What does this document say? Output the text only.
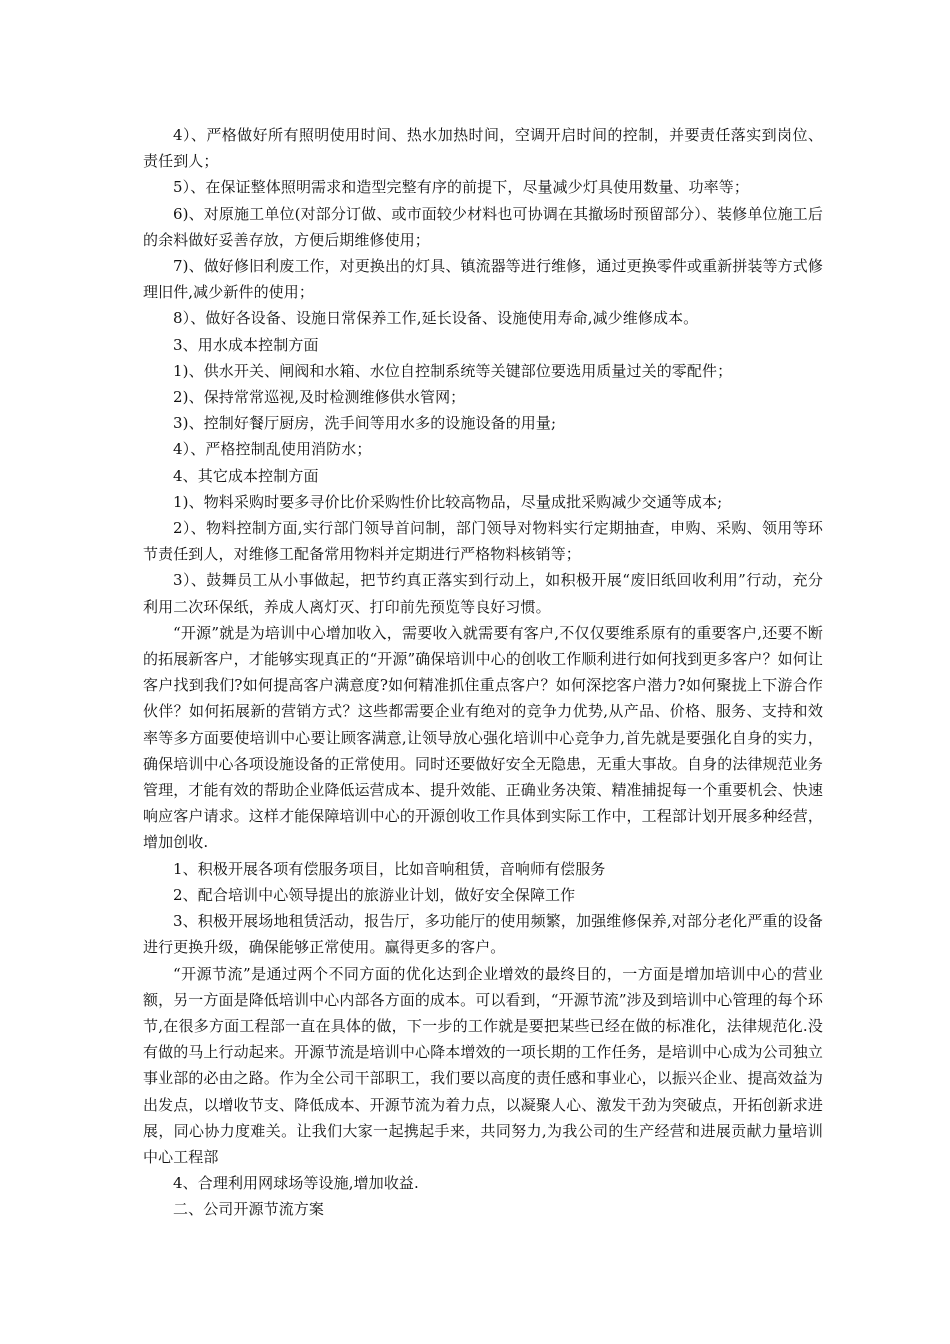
4）、严格做好所有照明使用时间、热水加热时间，空调开启时间的控制，并要责任落实到岗位、责任到人；

5）、在保证整体照明需求和造型完整有序的前提下，尽量减少灯具使用数量、功率等；

6)、对原施工单位(对部分订做、或市面较少材料也可协调在其撤场时预留部分）、装修单位施工后的余料做好妥善存放，方便后期维修使用；

7)、做好修旧利废工作，对更换出的灯具、镇流器等进行维修，通过更换零件或重新拼装等方式修理旧件,减少新件的使用；

8）、做好各设备、设施日常保养工作,延长设备、设施使用寿命,减少维修成本。

3、用水成本控制方面

1)、供水开关、闸阀和水箱、水位自控制系统等关键部位要选用质量过关的零配件；

2)、保持常常巡视,及时检测维修供水管网；

3)、控制好餐厅厨房，洗手间等用水多的设施设备的用量;

4）、严格控制乱使用消防水；

4、其它成本控制方面

1)、物料采购时要多寻价比价采购性价比较高物品，尽量成批采购减少交通等成本;

2）、物料控制方面,实行部门领导首问制，部门领导对物料实行定期抽查，申购、采购、领用等环节责任到人，对维修工配备常用物料并定期进行严格物料核销等；

3）、鼓舞员工从小事做起，把节约真正落实到行动上，如积极开展“废旧纸回收利用”行动，充分利用二次环保纸，养成人离灯灭、打印前先预览等良好习惯。

“开源”就是为培训中心增加收入，需要收入就需要有客户,不仅仅要维系原有的重要客户,还要不断的拓展新客户，才能够实现真正的“开源”确保培训中心的创收工作顺利进行如何找到更多客户？如何让客户找到我们?如何提高客户满意度?如何精准抓住重点客户？如何深挖客户潜力?如何聚拢上下游合作伙伴？如何拓展新的营销方式？这些都需要企业有绝对的竞争力优势,从产品、价格、服务、支持和效率等多方面要使培训中心要让顾客满意,让领导放心强化培训中心竞争力,首先就是要强化自身的实力，确保培训中心各项设施设备的正常使用。同时还要做好安全无隐患，无重大事故。自身的法律规范业务管理，才能有效的帮助企业降低运营成本、提升效能、正确业务决策、精准捕捉每一个重要机会、快速响应客户请求。这样才能保障培训中心的开源创收工作具体到实际工作中，工程部计划开展多种经营，增加创收.

1、积极开展各项有偿服务项目，比如音响租赁，音响师有偿服务

2、配合培训中心领导提出的旅游业计划，做好安全保障工作

3、积极开展场地租赁活动，报告厅，多功能厅的使用频繁，加强维修保养,对部分老化严重的设备进行更换升级，确保能够正常使用。赢得更多的客户。

“开源节流”是通过两个不同方面的优化达到企业增效的最终目的，一方面是增加培训中心的营业额，另一方面是降低培训中心内部各方面的成本。可以看到，“开源节流”涉及到培训中心管理的每个环节,在很多方面工程部一直在具体的做，下一步的工作就是要把某些已经在做的标准化，法律规范化.没有做的马上行动起来。开源节流是培训中心降本增效的一项长期的工作任务，是培训中心成为公司独立事业部的必由之路。作为全公司干部职工，我们要以高度的责任感和事业心，以振兴企业、提高效益为出发点，以增收节支、降低成本、开源节流为着力点，以凝聚人心、激发干劲为突破点，开拓创新求进展，同心协力度难关。让我们大家一起携起手来，共同努力,为我公司的生产经营和进展贡献力量培训中心工程部

4、合理利用网球场等设施,增加收益.

二、公司开源节流方案
